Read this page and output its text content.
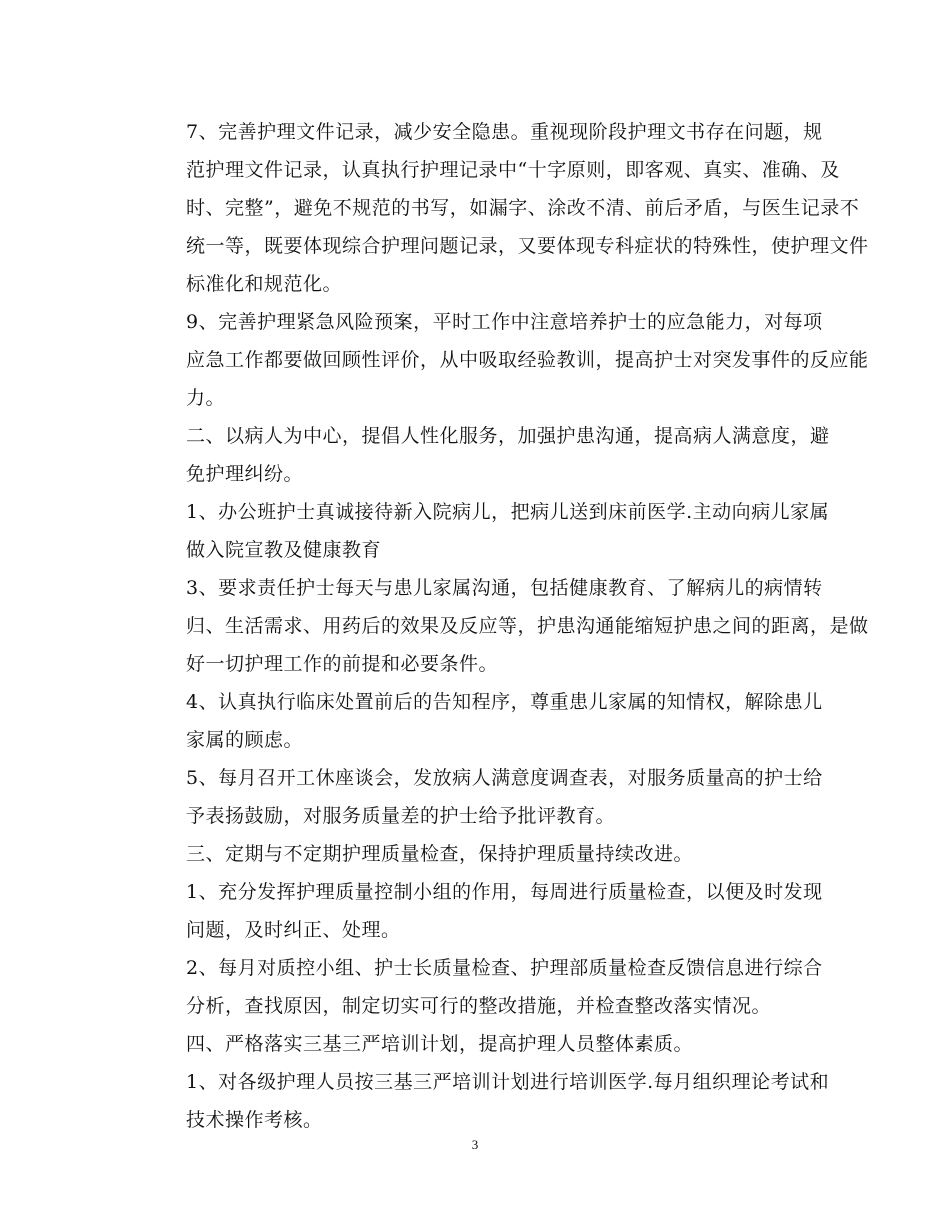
7、完善护理文件记录，减少安全隐患。重视现阶段护理文书存在问题，规
范护理文件记录，认真执行护理记录中“十字原则，即客观、真实、准确、及
时、完整”，避免不规范的书写，如漏字、涂改不清、前后矛盾，与医生记录不
统一等，既要体现综合护理问题记录，又要体现专科症状的特殊性，使护理文件
标准化和规范化。

9、完善护理紧急风险预案，平时工作中注意培养护士的应急能力，对每项
应急工作都要做回顾性评价，从中吸取经验教训，提高护士对突发事件的反应能
力。

二、以病人为中心，提倡人性化服务，加强护患沟通，提高病人满意度，避
免护理纠纷。

1、办公班护士真诚接待新入院病儿，把病儿送到床前医学.主动向病儿家属
做入院宣教及健康教育

3、要求责任护士每天与患儿家属沟通，包括健康教育、了解病儿的病情转
归、生活需求、用药后的效果及反应等，护患沟通能缩短护患之间的距离，是做
好一切护理工作的前提和必要条件。

4、认真执行临床处置前后的告知程序，尊重患儿家属的知情权，解除患儿
家属的顾虑。

5、每月召开工休座谈会，发放病人满意度调查表，对服务质量高的护士给
予表扬鼓励，对服务质量差的护士给予批评教育。

三、定期与不定期护理质量检查，保持护理质量持续改进。

1、充分发挥护理质量控制小组的作用，每周进行质量检查，以便及时发现
问题，及时纠正、处理。

2、每月对质控小组、护士长质量检查、护理部质量检查反馈信息进行综合
分析，查找原因，制定切实可行的整改措施，并检查整改落实情况。

四、严格落实三基三严培训计划，提高护理人员整体素质。

1、对各级护理人员按三基三严培训计划进行培训医学.每月组织理论考试和
技术操作考核。

3
